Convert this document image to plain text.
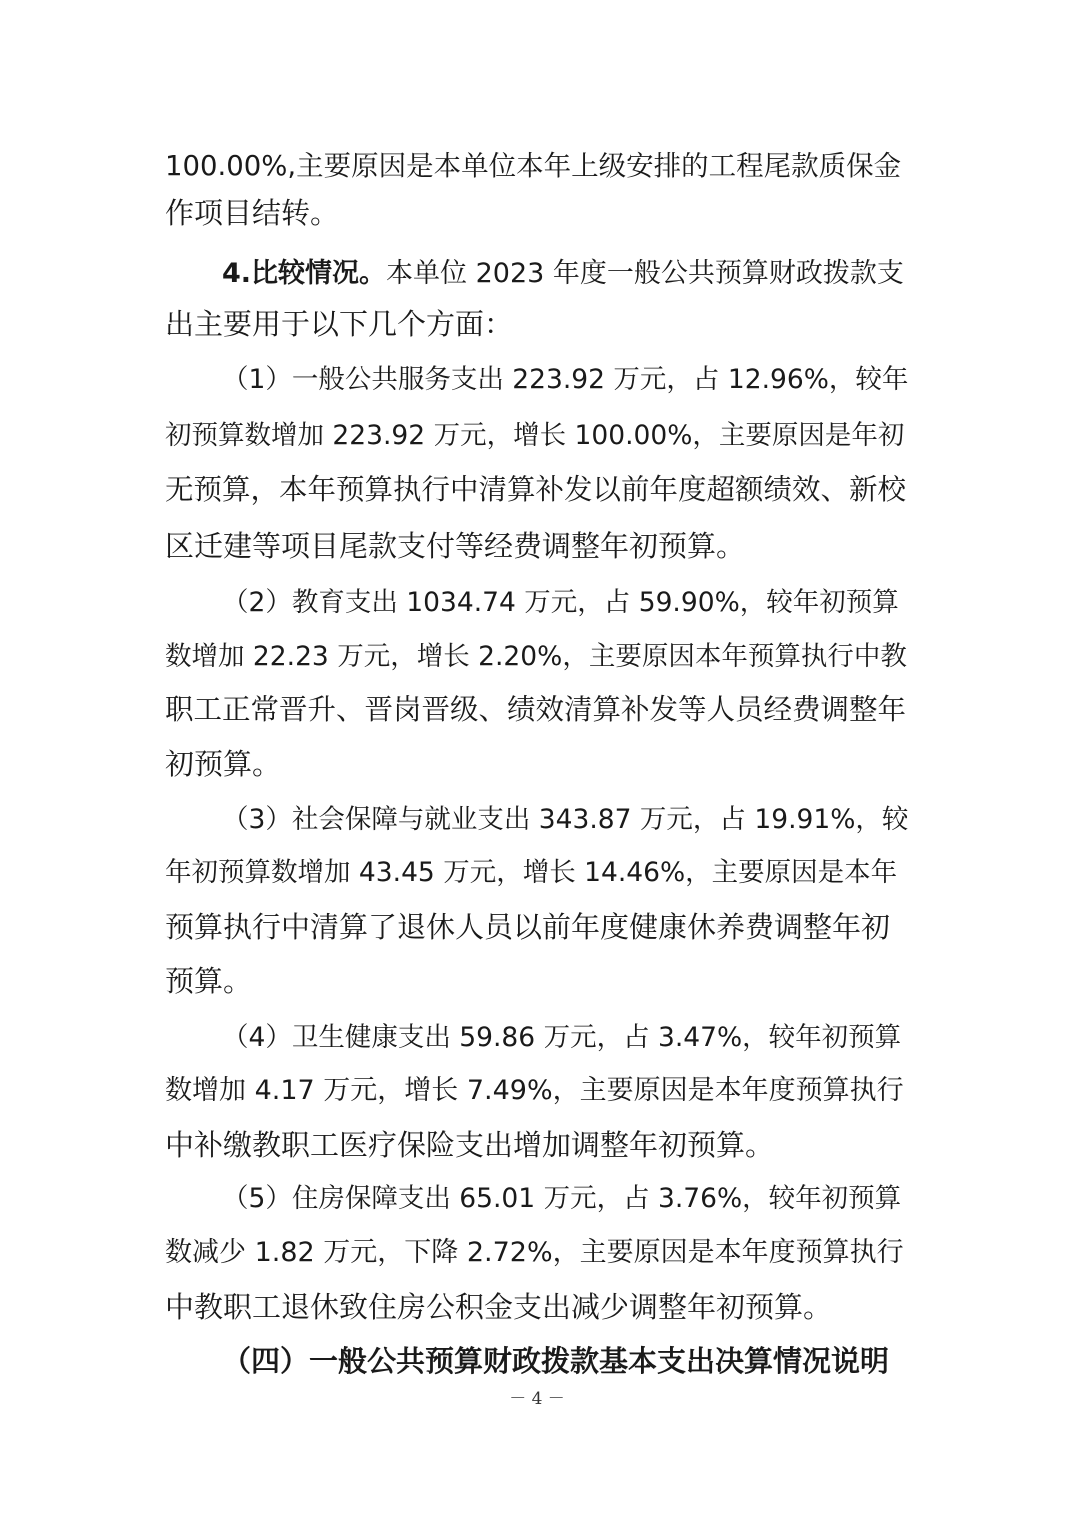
100.00%,主要原因是本单位本年上级安排的工程尾款质保金
作项目结转。
4.比较情况。本单位 2023 年度一般公共预算财政拨款支
出主要用于以下几个方面：
（1）一般公共服务支出 223.92 万元，占 12.96%，较年
初预算数增加 223.92 万元，增长 100.00%，主要原因是年初
无预算，本年预算执行中清算补发以前年度超额绩效、新校
区迁建等项目尾款支付等经费调整年初预算。
（2）教育支出 1034.74 万元，占 59.90%，较年初预算
数增加 22.23 万元，增长 2.20%，主要原因本年预算执行中教
职工正常晋升、晋岗晋级、绩效清算补发等人员经费调整年
初预算。
（3）社会保障与就业支出 343.87 万元，占 19.91%，较
年初预算数增加 43.45 万元，增长 14.46%，主要原因是本年
预算执行中清算了退休人员以前年度健康休养费调整年初
预算。
（4）卫生健康支出 59.86 万元，占 3.47%，较年初预算
数增加 4.17 万元，增长 7.49%，主要原因是本年度预算执行
中补缴教职工医疗保险支出增加调整年初预算。
（5）住房保障支出 65.01 万元，占 3.76%，较年初预算
数减少 1.82 万元，下降 2.72%，主要原因是本年度预算执行
中教职工退休致住房公积金支出减少调整年初预算。
（四）一般公共预算财政拨款基本支出决算情况说明
－ 4 －
